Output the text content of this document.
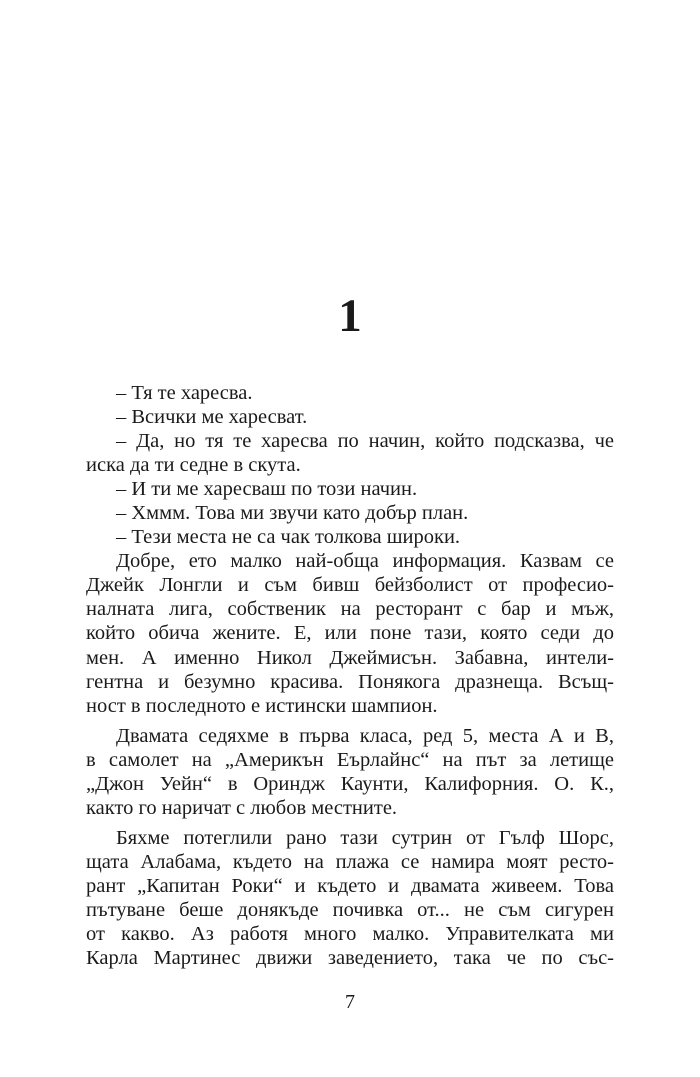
1
– Тя те харесва.
– Всички ме харесват.
– Да, но тя те харесва по начин, който подсказва, че
иска да ти седне в скута.
– И ти ме харесваш по този начин.
– Хммм. Това ми звучи като добър план.
– Тези места не са чак толкова широки.
Добре, ето малко най-обща информация. Казвам се
Джейк Лонгли и съм бивш бейзболист от професио-
налната лига, собственик на ресторант с бар и мъж,
който обича жените. Е, или поне тази, която седи до
мен. А именно Никол Джеймисън. Забавна, интели-
гентна и безумно красива. Понякога дразнеща. Всъщ-
ност в последното е истински шампион.
Двамата седяхме в първа класа, ред 5, места А и В,
в самолет на „Америкън Еърлайнс“ на път за летище
„Джон Уейн“ в Ориндж Каунти, Калифорния. О. К.,
както го наричат с любов местните.
Бяхме потеглили рано тази сутрин от Гълф Шорс,
щата Алабама, където на плажа се намира моят ресто-
рант „Капитан Роки“ и където и двамата живеем. Това
пътуване беше донякъде почивка от... не съм сигурен
от какво. Аз работя много малко. Управителката ми
Карла Мартинес движи заведението, така че по със-
7
